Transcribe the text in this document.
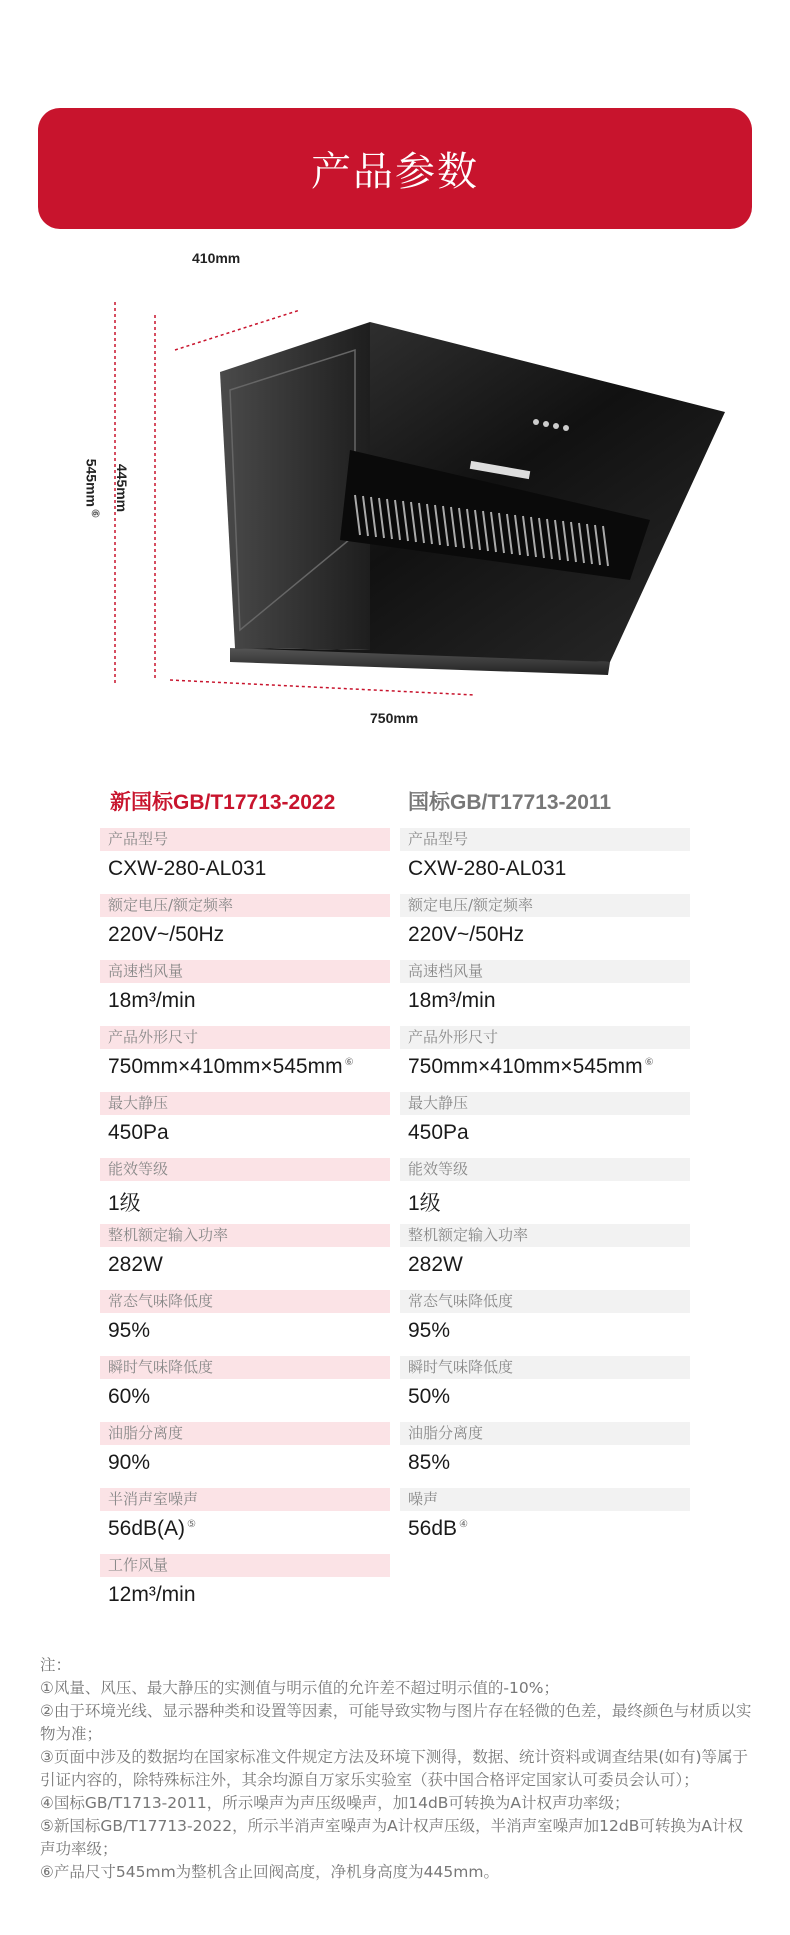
产品参数
410mm
750mm
545mm⑥
445mm
新国标GB/T17713-2022	国标GB/T17713-2011
产品型号
CXW-280-AL031
额定电压/额定频率
220V~/50Hz
高速档风量
18m³/min
产品外形尺寸
750mm×410mm×545mm ⑥
最大静压
450Pa
能效等级
1级
整机额定输入功率
282W
常态气味降低度
95%
瞬时气味降低度
60%
油脂分离度
90%
半消声室噪声
56dB(A) ⑤
工作风量
12m³/min
产品型号
CXW-280-AL031
额定电压/额定频率
220V~/50Hz
高速档风量
18m³/min
产品外形尺寸
750mm×410mm×545mm ⑥
最大静压
450Pa
能效等级
1级
整机额定输入功率
282W
常态气味降低度
95%
瞬时气味降低度
50%
油脂分离度
85%
噪声
56dB ④

注：

①风量、风压、最大静压的实测值与明示值的允许差不超过明示值的-10%；

②由于环境光线、显示器种类和设置等因素，可能导致实物与图片存在轻微的色差，最终颜色与材质以实物为准；

③页面中涉及的数据均在国家标准文件规定方法及环境下测得，数据、统计资料或调查结果(如有)等属于引证内容的，除特殊标注外，其余均源自万家乐实验室（获中国合格评定国家认可委员会认可）；

④国标GB/T1713-2011，所示噪声为声压级噪声，加14dB可转换为A计权声功率级；

⑤新国标GB/T17713-2022，所示半消声室噪声为A计权声压级，半消声室噪声加12dB可转换为A计权声功率级；

⑥产品尺寸545mm为整机含止回阀高度，净机身高度为445mm。
